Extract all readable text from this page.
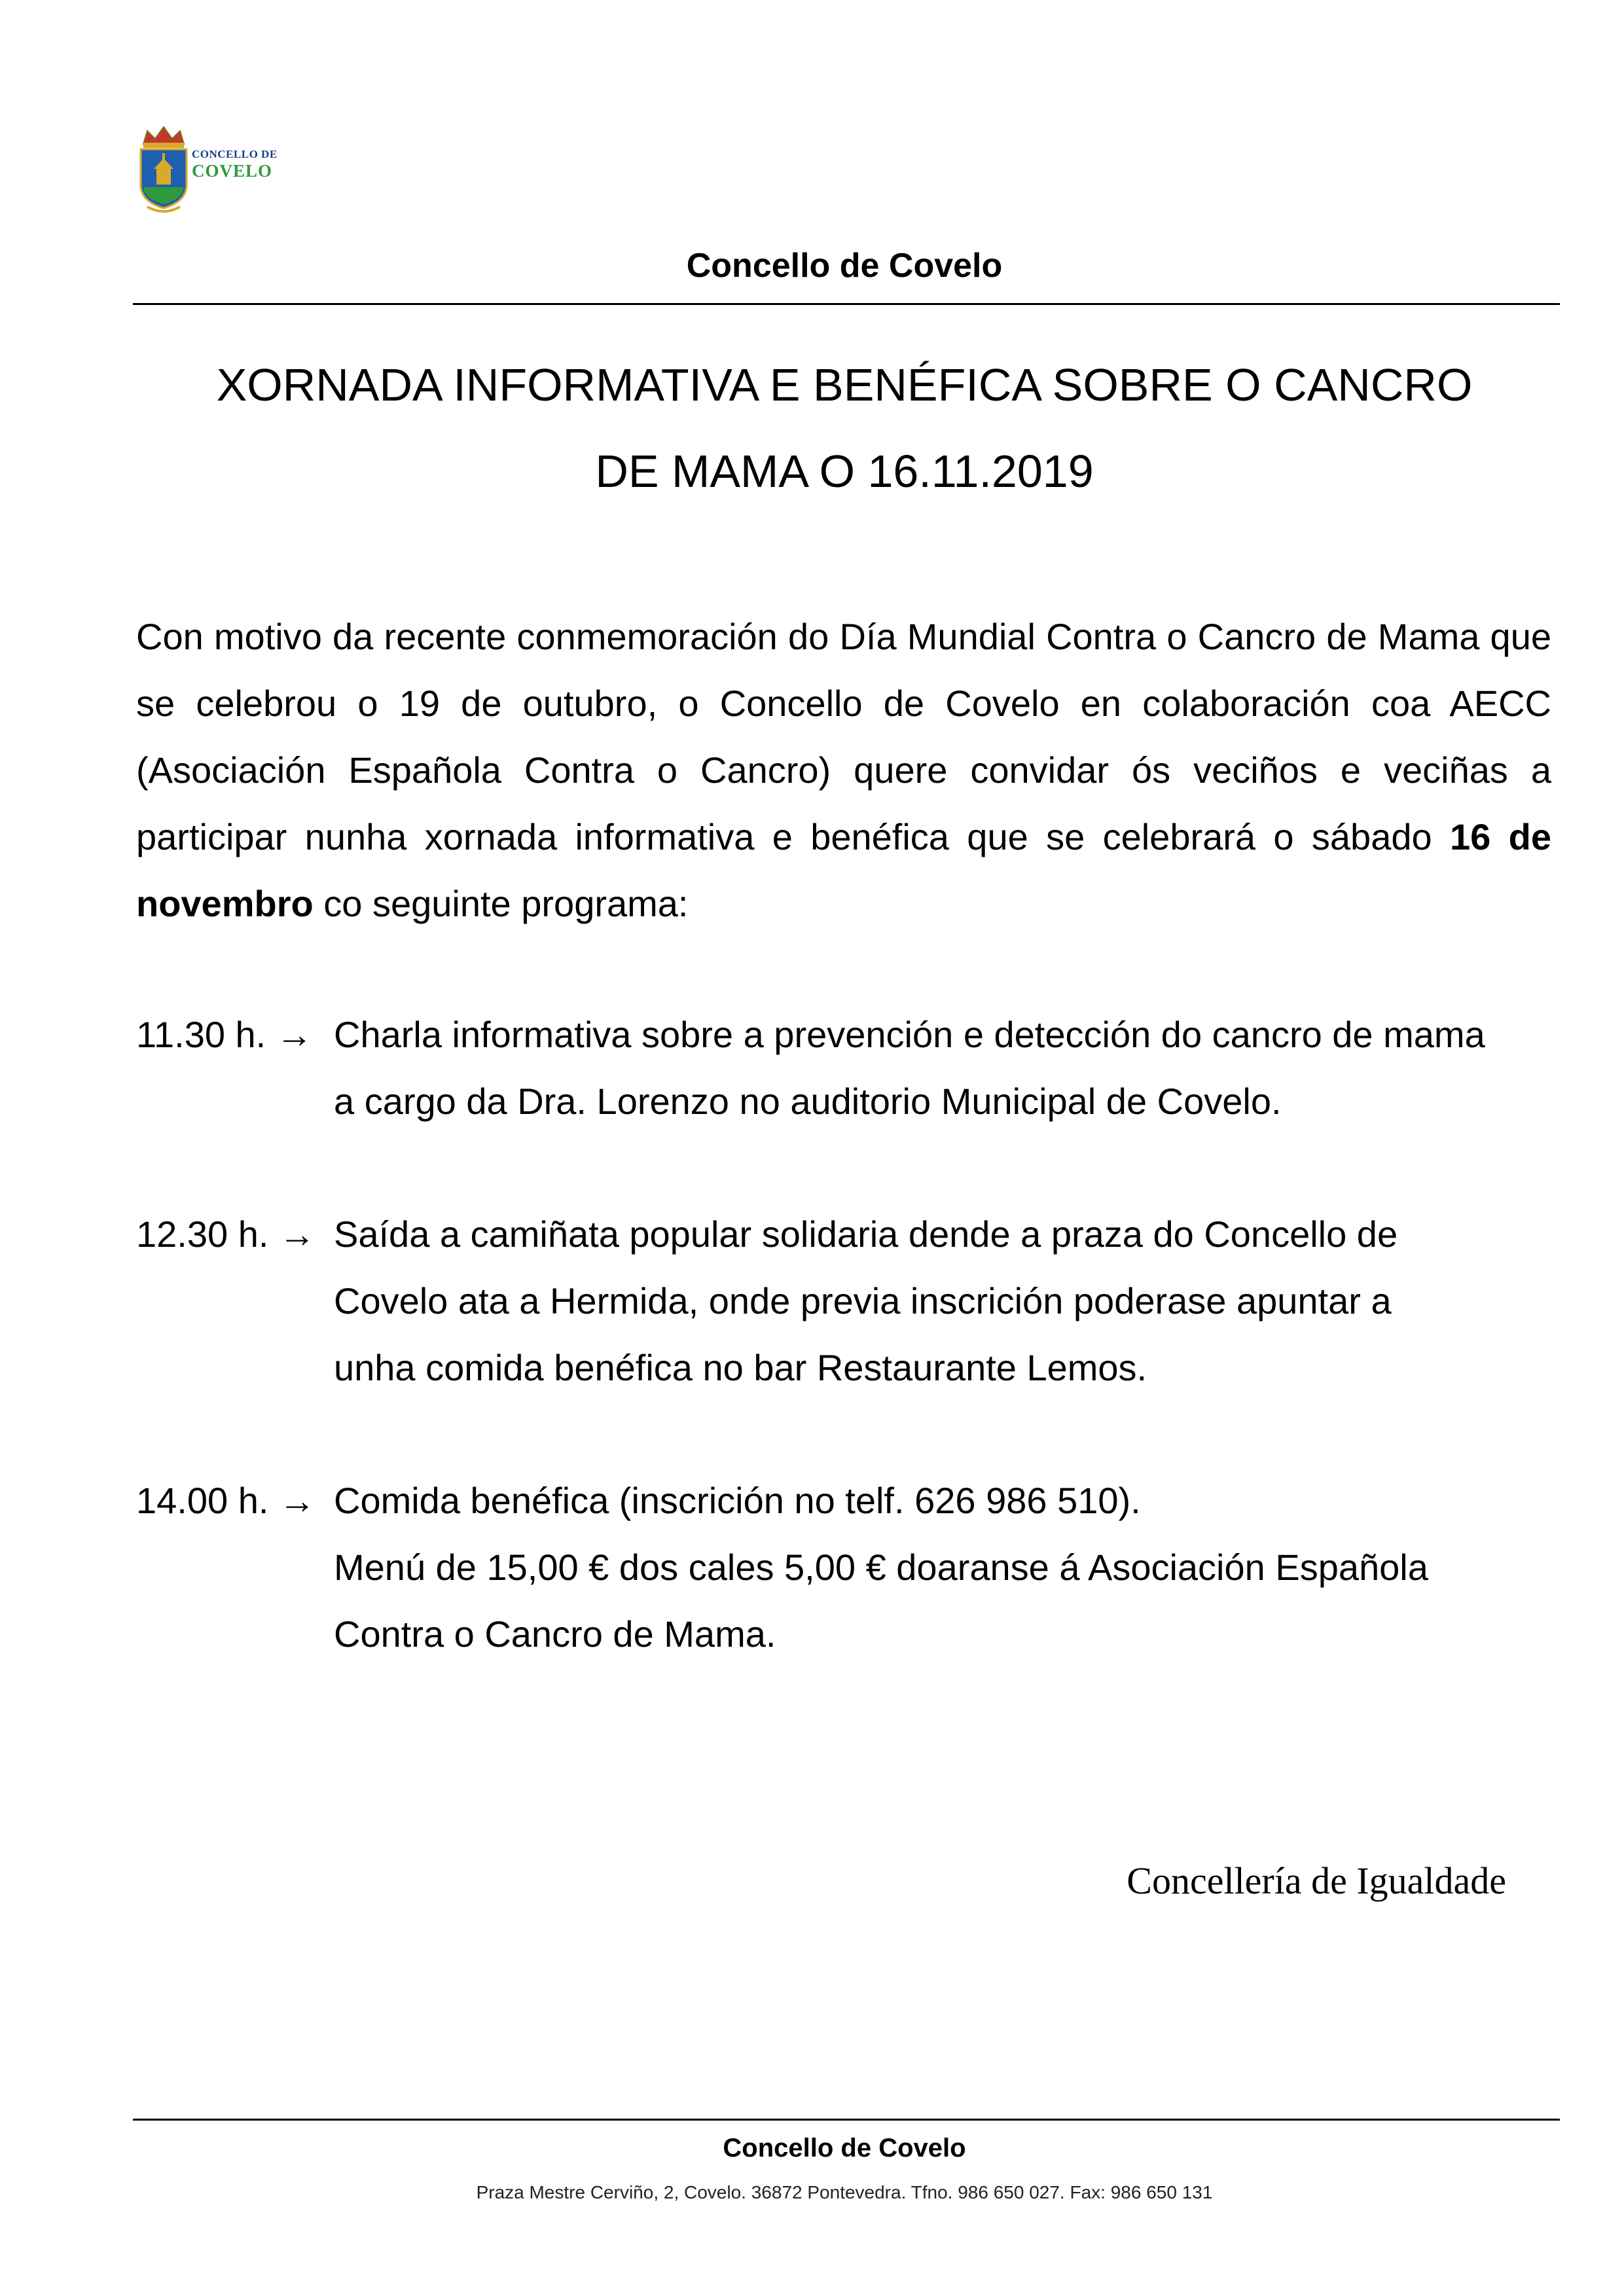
CONCELLO DE
COVELO
Concello de Covelo
XORNADA INFORMATIVA E BENÉFICA SOBRE O CANCRO
DE MAMA O 16.11.2019
Con motivo da recente conmemoración do Día Mundial Contra o Cancro de Mama que se celebrou o 19 de outubro, o Concello de Covelo en colaboración coa AECC (Asociación Española Contra o Cancro) quere convidar ós veciños e veciñas a participar nunha xornada informativa e benéfica que se celebrará o sábado 16 de novembro co seguinte programa:
11.30 h. → Charla informativa sobre a prevención e detección do cancro de mama
a cargo da Dra. Lorenzo no auditorio Municipal de Covelo.
12.30 h. → Saída a camiñata popular solidaria dende a praza do Concello de
Covelo ata a Hermida, onde previa inscrición poderase apuntar a
unha comida benéfica no bar Restaurante Lemos.
14.00 h. → Comida benéfica (inscrición no telf. 626 986 510).
Menú de 15,00 € dos cales 5,00 € doaranse á Asociación Española
Contra o Cancro de Mama.
Concellería de Igualdade
Concello de Covelo
Praza Mestre Cerviño, 2, Covelo. 36872 Pontevedra. Tfno. 986 650 027. Fax: 986 650 131
